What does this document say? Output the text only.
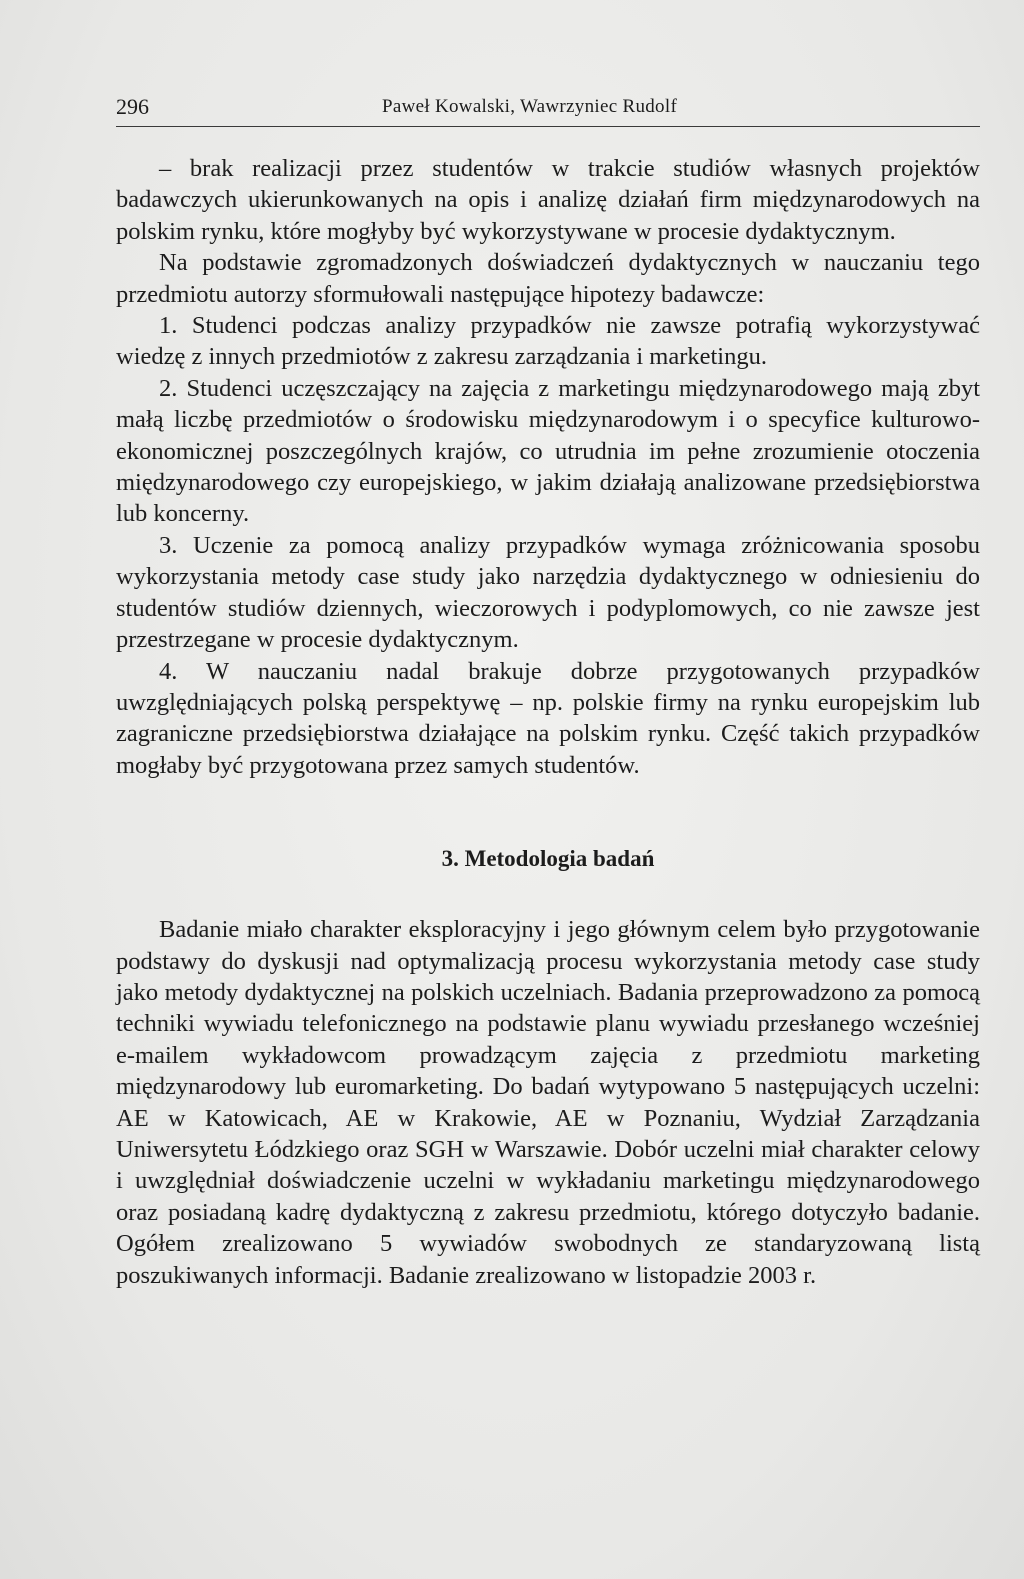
296	Paweł Kowalski, Wawrzyniec Rudolf

– brak realizacji przez studentów w trakcie studiów własnych projektów badawczych ukierunkowanych na opis i analizę działań firm międzynarodowych na polskim rynku, które mogłyby być wykorzystywane w procesie dydaktycznym.

Na podstawie zgromadzonych doświadczeń dydaktycznych w nauczaniu tego przedmiotu autorzy sformułowali następujące hipotezy badawcze:

1. Studenci podczas analizy przypadków nie zawsze potrafią wykorzystywać wiedzę z innych przedmiotów z zakresu zarządzania i marketingu.

2. Studenci uczęszczający na zajęcia z marketingu międzynarodowego mają zbyt małą liczbę przedmiotów o środowisku międzynarodowym i o specyfice kulturowo-ekonomicznej poszczególnych krajów, co utrudnia im pełne zrozumienie otoczenia międzynarodowego czy europejskiego, w jakim działają analizowane przedsiębiorstwa lub koncerny.

3. Uczenie za pomocą analizy przypadków wymaga zróżnicowania sposobu wykorzystania metody case study jako narzędzia dydaktycznego w odniesieniu do studentów studiów dziennych, wieczorowych i podyplomowych, co nie zawsze jest przestrzegane w procesie dydaktycznym.

4. W nauczaniu nadal brakuje dobrze przygotowanych przypadków uwzględniających polską perspektywę – np. polskie firmy na rynku europejskim lub zagraniczne przedsiębiorstwa działające na polskim rynku. Część takich przypadków mogłaby być przygotowana przez samych studentów.

3. Metodologia badań

Badanie miało charakter eksploracyjny i jego głównym celem było przygotowanie podstawy do dyskusji nad optymalizacją procesu wykorzystania metody case study jako metody dydaktycznej na polskich uczelniach. Badania przeprowadzono za pomocą techniki wywiadu telefonicznego na podstawie planu wywiadu przesłanego wcześniej e-mailem wykładowcom prowadzącym zajęcia z przedmiotu marketing międzynarodowy lub euromarketing. Do badań wytypowano 5 następujących uczelni: AE w Katowicach, AE w Krakowie, AE w Poznaniu, Wydział Zarządzania Uniwersytetu Łódzkiego oraz SGH w Warszawie. Dobór uczelni miał charakter celowy i uwzględniał doświadczenie uczelni w wykładaniu marketingu międzynarodowego oraz posiadaną kadrę dydaktyczną z zakresu przedmiotu, którego dotyczyło badanie. Ogółem zrealizowano 5 wywiadów swobodnych ze standaryzowaną listą poszukiwanych informacji. Badanie zrealizowano w listopadzie 2003 r.
